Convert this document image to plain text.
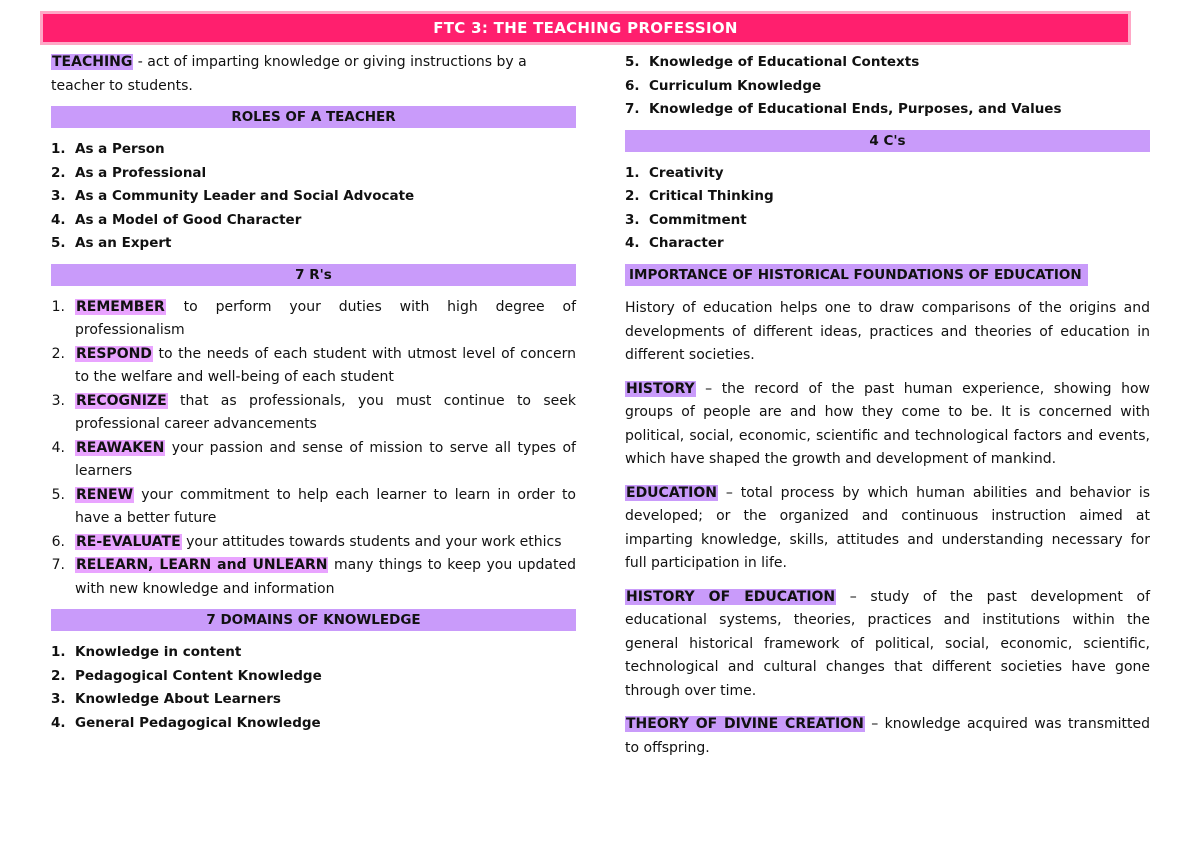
FTC 3: THE TEACHING PROFESSION

TEACHING - act of imparting knowledge or giving instructions by a teacher to students.

ROLES OF A TEACHER
1. As a Person
2. As a Professional
3. As a Community Leader and Social Advocate
4. As a Model of Good Character
5. As an Expert
7 R's
1. REMEMBER to perform your duties with high degree of professionalism
2. RESPOND to the needs of each student with utmost level of concern to the welfare and well-being of each student
3. RECOGNIZE that as professionals, you must continue to seek professional career advancements
4. REAWAKEN your passion and sense of mission to serve all types of learners
5. RENEW your commitment to help each learner to learn in order to have a better future
6. RE-EVALUATE your attitudes towards students and your work ethics
7. RELEARN, LEARN and UNLEARN many things to keep you updated with new knowledge and information
7 DOMAINS OF KNOWLEDGE
1. Knowledge in content
2. Pedagogical Content Knowledge
3. Knowledge About Learners
4. General Pedagogical Knowledge
5. Knowledge of Educational Contexts
6. Curriculum Knowledge
7. Knowledge of Educational Ends, Purposes, and Values
4 C's
1. Creativity
2. Critical Thinking
3. Commitment
4. Character
IMPORTANCE OF HISTORICAL FOUNDATIONS OF EDUCATION

History of education helps one to draw comparisons of the origins and developments of different ideas, practices and theories of education in different societies.

HISTORY – the record of the past human experience, showing how groups of people are and how they come to be. It is concerned with political, social, economic, scientific and technological factors and events, which have shaped the growth and development of mankind.

EDUCATION – total process by which human abilities and behavior is developed; or the organized and continuous instruction aimed at imparting knowledge, skills, attitudes and understanding necessary for full participation in life.

HISTORY OF EDUCATION – study of the past development of educational systems, theories, practices and institutions within the general historical framework of political, social, economic, scientific, technological and cultural changes that different societies have gone through over time.

THEORY OF DIVINE CREATION – knowledge acquired was transmitted to offspring.
